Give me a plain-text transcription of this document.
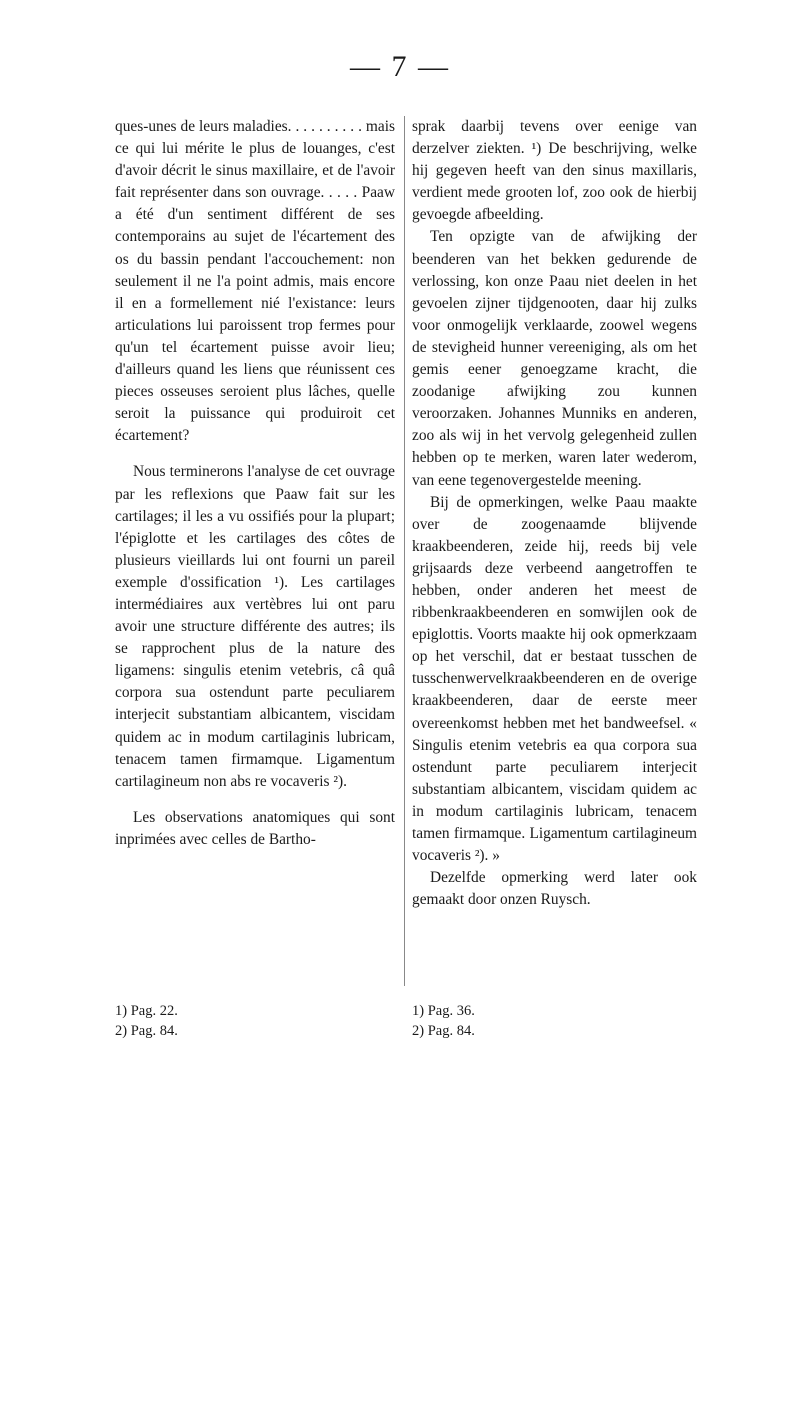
— 7 —

ques-unes de leurs maladies. . . . . . . . . . mais ce qui lui mérite le plus de louanges, c'est d'avoir décrit le sinus maxillaire, et de l'avoir fait représenter dans son ouvrage. . . . . Paaw a été d'un sentiment différent de ses contemporains au sujet de l'écartement des os du bassin pendant l'accouchement: non seulement il ne l'a point admis, mais encore il en a formellement nié l'existance: leurs articulations lui paroissent trop fermes pour qu'un tel écartement puisse avoir lieu; d'ailleurs quand les liens que réunissent ces pieces osseuses seroient plus lâches, quelle seroit la puissance qui produiroit cet écartement?

Nous terminerons l'analyse de cet ouvrage par les reflexions que Paaw fait sur les cartilages; il les a vu ossifiés pour la plupart; l'épiglotte et les cartilages des côtes de plusieurs vieillards lui ont fourni un pareil exemple d'ossification ¹). Les cartilages intermédiaires aux vertèbres lui ont paru avoir une structure différente des autres; ils se rapprochent plus de la nature des ligamens: singulis etenim vetebris, câ quâ corpora sua ostendunt parte peculiarem interjecit substantiam albicantem, viscidam quidem ac in modum cartilaginis lubricam, tenacem tamen firmamque. Ligamentum cartilagineum non abs re vocaveris ²).

Les observations anatomiques qui sont inprimées avec celles de Bartho-

sprak daarbij tevens over eenige van derzelver ziekten. ¹) De beschrijving, welke hij gegeven heeft van den sinus maxillaris, verdient mede grooten lof, zoo ook de hierbij gevoegde afbeelding.

Ten opzigte van de afwijking der beenderen van het bekken gedurende de verlossing, kon onze Paau niet deelen in het gevoelen zijner tijdgenooten, daar hij zulks voor onmogelijk verklaarde, zoowel wegens de stevigheid hunner vereeniging, als om het gemis eener genoegzame kracht, die zoodanige afwijking zou kunnen veroorzaken. Johannes Munniks en anderen, zoo als wij in het vervolg gelegenheid zullen hebben op te merken, waren later wederom, van eene tegenovergestelde meening.

Bij de opmerkingen, welke Paau maakte over de zoogenaamde blijvende kraakbeenderen, zeide hij, reeds bij vele grijsaards deze verbeend aangetroffen te hebben, onder anderen het meest de ribbenkraakbeenderen en somwijlen ook de epiglottis. Voorts maakte hij ook opmerkzaam op het verschil, dat er bestaat tusschen de tusschenwervelkraakbeenderen en de overige kraakbeenderen, daar de eerste meer overeenkomst hebben met het bandweefsel. « Singulis etenim vetebris ea qua corpora sua ostendunt parte peculiarem interjecit substantiam albicantem, viscidam quidem ac in modum cartilaginis lubricam, tenacem tamen firmamque. Ligamentum cartilagineum vocaveris ²). »

Dezelfde opmerking werd later ook gemaakt door onzen Ruysch.

1) Pag. 22.
2) Pag. 84.
1) Pag. 36.
2) Pag. 84.
